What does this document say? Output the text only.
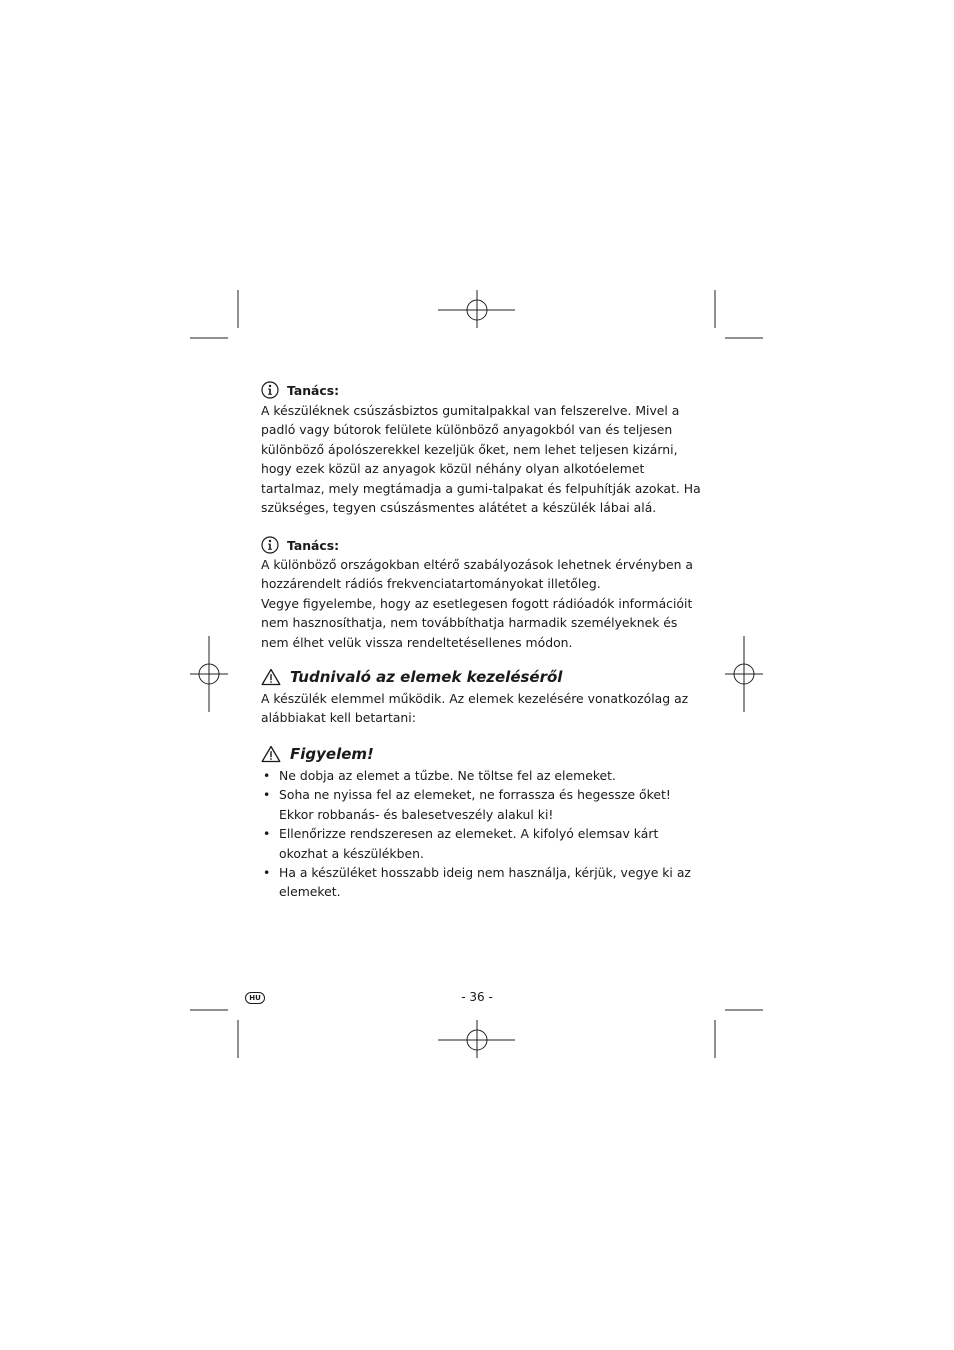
Tanács:

A készüléknek csúszásbiztos gumitalpakkal van felszerelve. Mivel a padló vagy bútorok felülete különböző anyagokból van és teljesen különböző ápolószerekkel kezeljük őket, nem lehet teljesen kizárni, hogy ezek közül az anyagok közül néhány olyan alkotóelemet tartalmaz, mely megtámadja a gumi-talpakat és felpuhítják azokat. Ha szükséges, tegyen csúszásmentes alátétet a készülék lábai alá.

Tanács:

A különböző országokban eltérő szabályozások lehetnek érvényben a hozzárendelt rádiós frekvenciatartományokat illetőleg.

Vegye figyelembe, hogy az esetlegesen fogott rádióadók információit nem hasznosíthatja, nem továbbíthatja harmadik személyeknek és nem élhet velük vissza rendeltetésellenes módon.

Tudnivaló az elemek kezeléséről

A készülék elemmel működik. Az elemek kezelésére vonatkozólag az alábbiakat kell betartani:

Figyelem!
• Ne dobja az elemet a tűzbe. Ne töltse fel az elemeket.
• Soha ne nyissa fel az elemeket, ne forrassza és hegessze őket! Ekkor robbanás- és balesetveszély alakul ki!
• Ellenőrizze rendszeresen az elemeket. A kifolyó elemsav kárt okozhat a készülékben.
• Ha a készüléket hosszabb ideig nem használja, kérjük, vegye ki az elemeket.
HU	- 36 -
